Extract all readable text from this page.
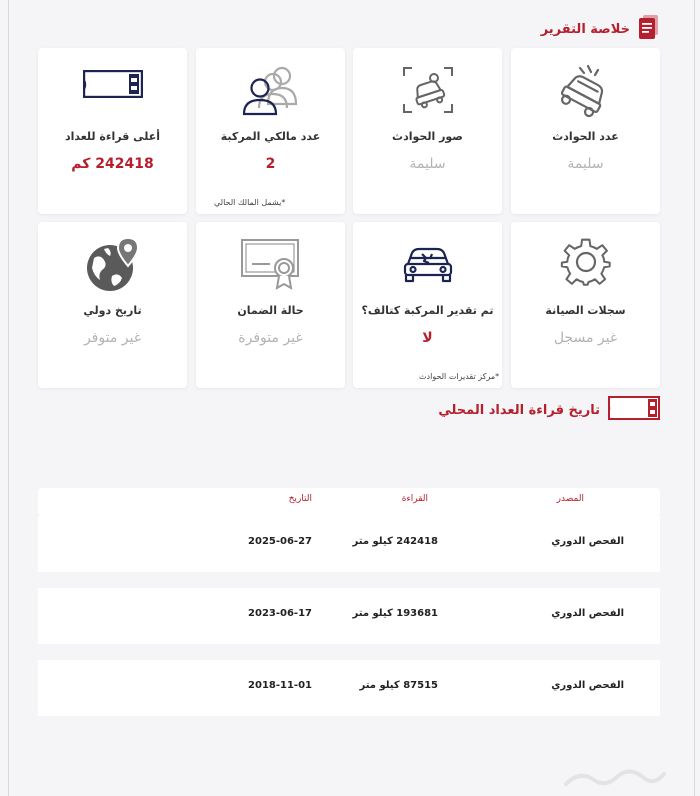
خلاصة التقرير
عدد الحوادث
سليمة
صور الحوادث
سليمة
عدد مالكي المركبة
2
*يشمل المالك الحالي
أعلى قراءة للعداد
242418 كم
سجلات الصيانة
غير مسجل
تم تقدير المركبة كتالف؟
لا
*مركز تقديرات الحوادث
حالة الضمان
غير متوفرة
تاريخ دولي
غير متوفر
تاريخ قراءة العداد المحلي
المصدر
القراءة
التاريخ
الفحص الدوري
242418 كيلو متر
2025-06-27
الفحص الدوري
193681 كيلو متر
2023-06-17
الفحص الدوري
87515 كيلو متر
2018-11-01
